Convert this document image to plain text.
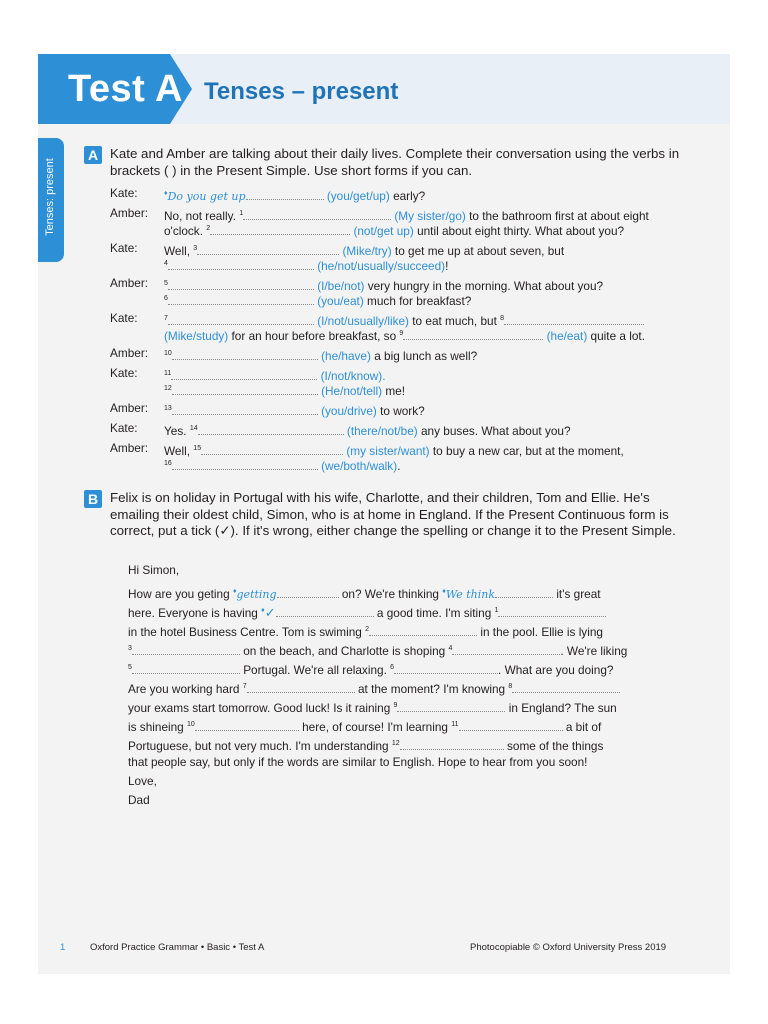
Test A Tenses – present
Tenses: present
A Kate and Amber are talking about their daily lives. Complete their conversation using the verbs in brackets ( ) in the Present Simple. Use short forms if you can.
Kate:	♦Do you get up	(you/get/up) early?
Amber: No, not really. $^1$	(My sister/go) to the bathroom first at about eight
o'clock. $^2$	(not/get up) until about eight thirty. What about you?
Kate: Well, $^3$	(Mike/try) to get me up at about seven, but
$^4$	(he/not/usually/succeed)!
Amber: $^5$	(I/be/not) very hungry in the morning. What about you?
$^6$	(you/eat) much for breakfast?
Kate:	$^7$	(I/not/usually/like) to eat much, but $^8$
(Mike/study) for an hour before breakfast, so $^9$	(he/eat) quite a lot.
Amber: $^{10}$	(he/have) a big lunch as well?
Kate:	$^{11}$	(I/not/know).
$^{12}$	(He/not/tell) me!
Amber: $^{13}$	(you/drive) to work?
Kate: Yes. $^{14}$	(there/not/be) any buses. What about you?
Amber: Well, $^{15}$	(my sister/want) to buy a new car, but at the moment,
$^{16}$	(we/both/walk).
B Felix is on holiday in Portugal with his wife, Charlotte, and their children, Tom and Ellie. He's emailing their oldest child, Simon, who is at home in England. If the Present Continuous form is correct, put a tick (✓). If it's wrong, either change the spelling or change it to the Present Simple.
Hi Simon,
How are you geting ♦getting	on? We're thinking ♦We think	it's great
here. Everyone is having ♦✓	a good time. I'm siting $^1$
in the hotel Business Centre. Tom is swiming $^2$	in the pool. Ellie is lying
$^3$	on the beach, and Charlotte is shoping $^4$	. We're liking
$^5$	Portugal. We're all relaxing. $^6$	. What are you doing?
Are you working hard $^7$	at the moment? I'm knowing $^8$
your exams start tomorrow. Good luck! Is it raining $^9$	in England? The sun
is shineing $^{10}$	here, of course! I'm learning $^{11}$	a bit of
Portuguese, but not very much. I'm understanding $^{12}$	some of the things
that people say, but only if the words are similar to English. Hope to hear from you soon!
Love,
Dad
1	Oxford Practice Grammar • Basic • Test A	Photocopiable © Oxford University Press 2019
